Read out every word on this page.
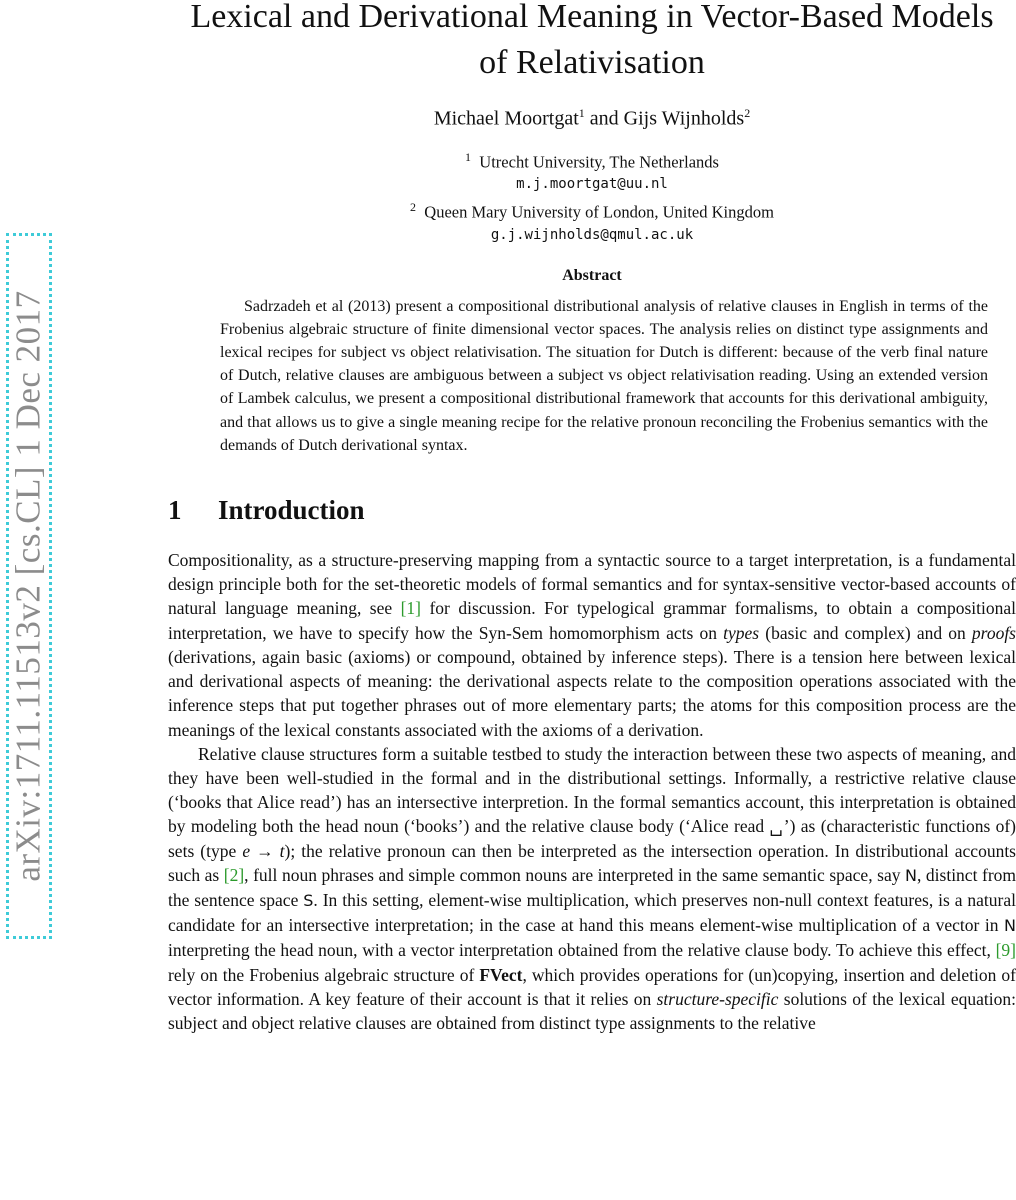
arXiv:1711.11513v2 [cs.CL] 1 Dec 2017
Lexical and Derivational Meaning in Vector-Based Models
of Relativisation
Michael Moortgat$^1$ and Gijs Wijnholds$^2$
$^1$ Utrecht University, The Netherlands
m.j.moortgat@uu.nl
$^2$ Queen Mary University of London, United Kingdom
g.j.wijnholds@qmul.ac.uk
Abstract

Sadrzadeh et al (2013) present a compositional distributional analysis of relative clauses in English in terms of the Frobenius algebraic structure of finite dimensional vector spaces. The analysis relies on distinct type assignments and lexical recipes for subject vs object relativisation. The situation for Dutch is different: because of the verb final nature of Dutch, relative clauses are ambiguous between a subject vs object relativisation reading. Using an extended version of Lambek calculus, we present a compositional distributional framework that accounts for this derivational ambiguity, and that allows us to give a single meaning recipe for the relative pronoun reconciling the Frobenius semantics with the demands of Dutch derivational syntax.

1	Introduction

Compositionality, as a structure-preserving mapping from a syntactic source to a target interpretation, is a fundamental design principle both for the set-theoretic models of formal semantics and for syntax-sensitive vector-based accounts of natural language meaning, see [1] for discussion. For typelogical grammar formalisms, to obtain a compositional interpretation, we have to specify how the Syn-Sem homomorphism acts on types (basic and complex) and on proofs (derivations, again basic (axioms) or compound, obtained by inference steps). There is a tension here between lexical and derivational aspects of meaning: the derivational aspects relate to the composition operations associated with the inference steps that put together phrases out of more elementary parts; the atoms for this composition process are the meanings of the lexical constants associated with the axioms of a derivation.

Relative clause structures form a suitable testbed to study the interaction between these two aspects of meaning, and they have been well-studied in the formal and in the distributional settings. Informally, a restrictive relative clause (‘books that Alice read’) has an intersective interpretion. In the formal semantics account, this interpretation is obtained by modeling both the head noun (‘books’) and the relative clause body (‘Alice read ␣’) as (characteristic functions of) sets (type e → t); the relative pronoun can then be interpreted as the intersection operation. In distributional accounts such as [2], full noun phrases and simple common nouns are interpreted in the same semantic space, say N, distinct from the sentence space S. In this setting, element-wise multiplication, which preserves non-null context features, is a natural candidate for an intersective interpretation; in the case at hand this means element-wise multiplication of a vector in N interpreting the head noun, with a vector interpretation obtained from the relative clause body. To achieve this effect, [9] rely on the Frobenius algebraic structure of FVect, which provides operations for (un)copying, insertion and deletion of vector information. A key feature of their account is that it relies on structure-specific solutions of the lexical equation: subject and object relative clauses are obtained from distinct type assignments to the relative
